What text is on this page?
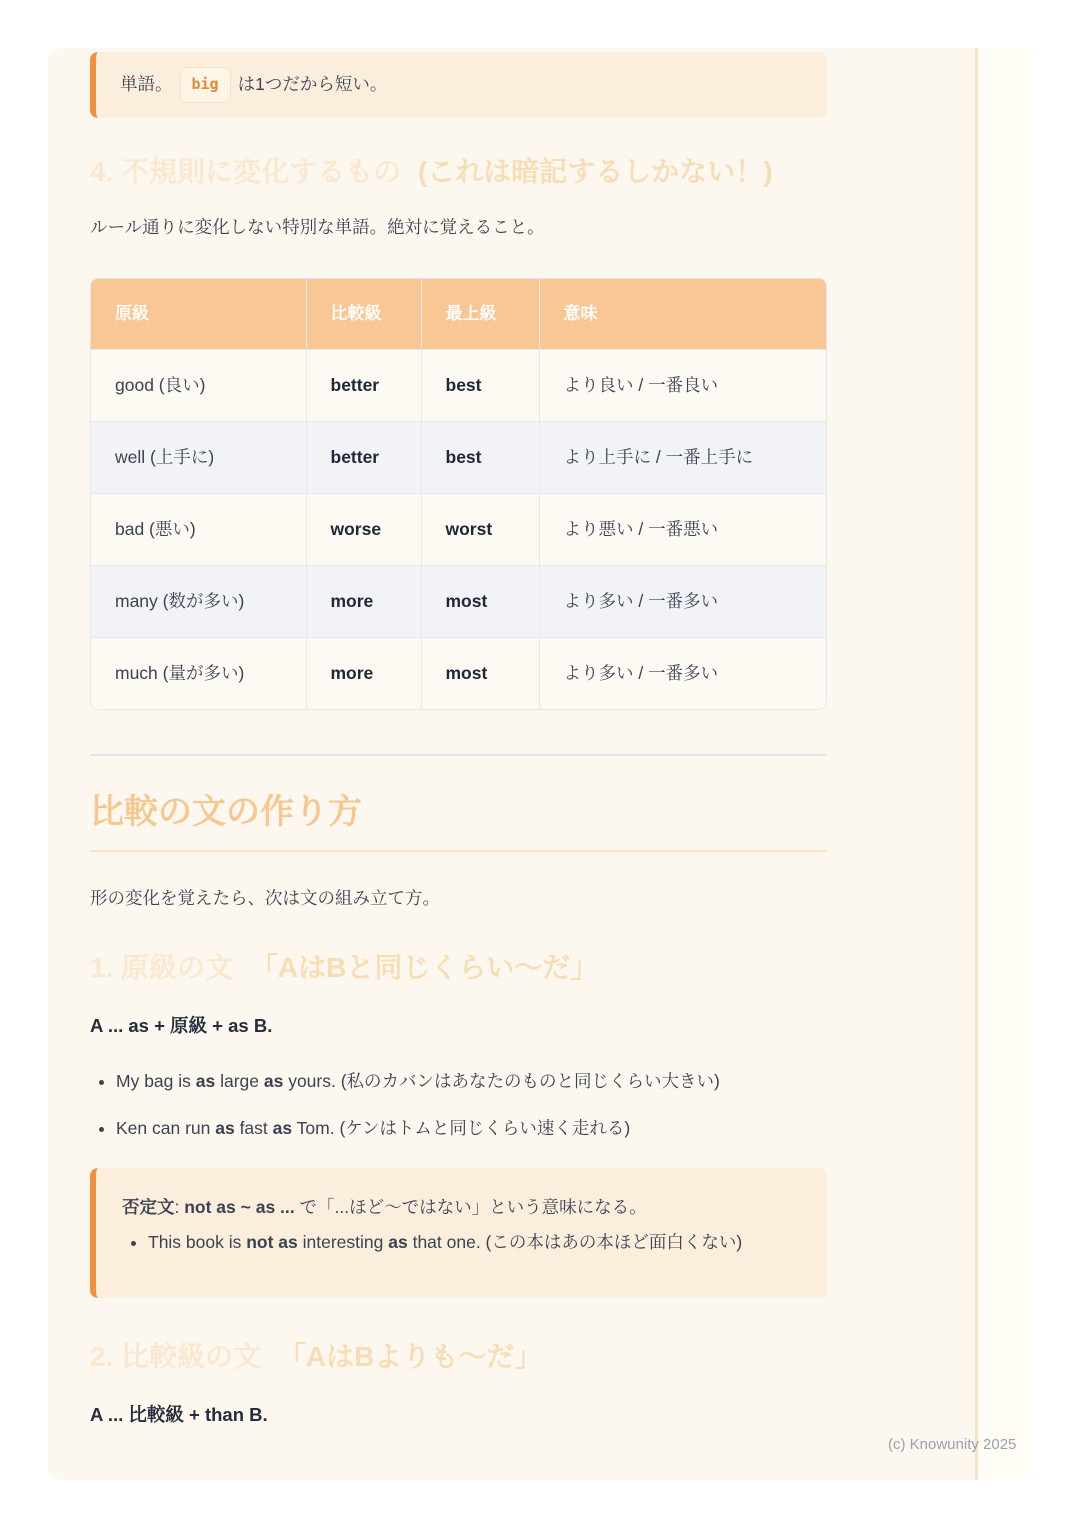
単語。 big は1つだから短い。
4. 不規則に変化するもの (これは暗記するしかない！)

ルール通りに変化しない特別な単語。絶対に覚えること。

原級	比較級	最上級	意味
good (良い)	better	best	より良い / 一番良い
well (上手に)	better	best	より上手に / 一番上手に
bad (悪い)	worse	worst	より悪い / 一番悪い
many (数が多い)	more	most	より多い / 一番多い
much (量が多い)	more	most	より多い / 一番多い
比較の文の作り方

形の変化を覚えたら、次は文の組み立て方。

1. 原級の文 「AはBと同じくらい〜だ」

A ... as + 原級 + as B.

• My bag is as large as yours. (私のカバンはあなたのものと同じくらい大きい)
• Ken can run as fast as Tom. (ケンはトムと同じくらい速く走れる)
否定文: not as ~ as ... で「...ほど〜ではない」という意味になる。
• This book is not as interesting as that one. (この本はあの本ほど面白くない)
2. 比較級の文 「AはBよりも〜だ」

A ... 比較級 + than B.

(c) Knowunity 2025
